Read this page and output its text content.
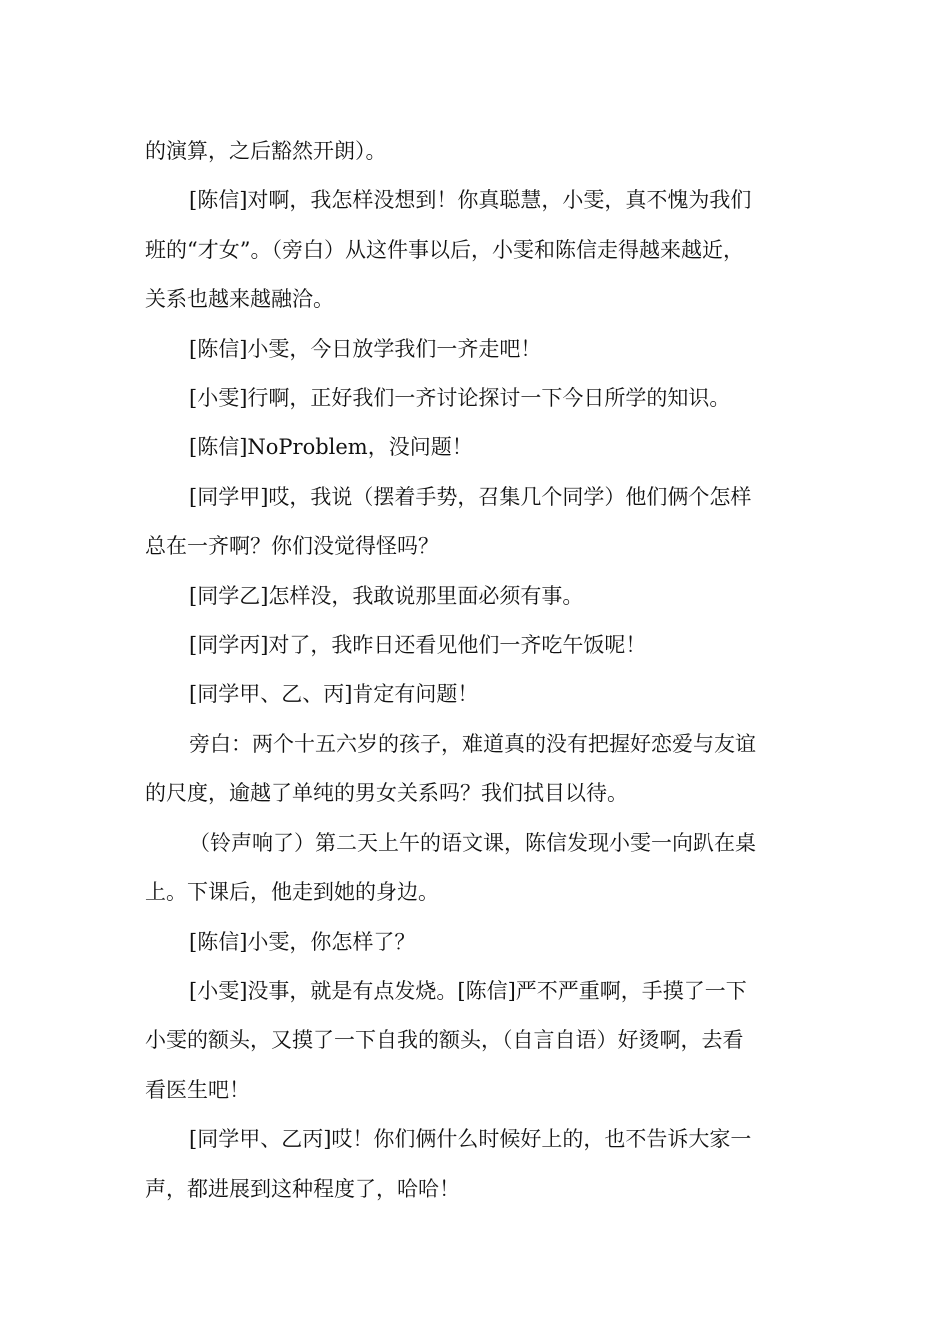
的演算，之后豁然开朗）。
[陈信]对啊，我怎样没想到！你真聪慧，小雯，真不愧为我们
班的“才女”。（旁白）从这件事以后，小雯和陈信走得越来越近，
关系也越来越融洽。
[陈信]小雯，今日放学我们一齐走吧！
[小雯]行啊，正好我们一齐讨论探讨一下今日所学的知识。
[陈信]NoProblem，没问题！
[同学甲]哎，我说（摆着手势，召集几个同学）他们俩个怎样
总在一齐啊？你们没觉得怪吗？
[同学乙]怎样没，我敢说那里面必须有事。
[同学丙]对了，我昨日还看见他们一齐吃午饭呢！
[同学甲、乙、丙]肯定有问题！
旁白：两个十五六岁的孩子，难道真的没有把握好恋爱与友谊
的尺度，逾越了单纯的男女关系吗？我们拭目以待。
（铃声响了）第二天上午的语文课，陈信发现小雯一向趴在桌
上。下课后，他走到她的身边。
[陈信]小雯，你怎样了？
[小雯]没事，就是有点发烧。[陈信]严不严重啊，手摸了一下
小雯的额头，又摸了一下自我的额头，（自言自语）好烫啊，去看
看医生吧！
[同学甲、乙丙]哎！你们俩什么时候好上的，也不告诉大家一
声，都进展到这种程度了，哈哈！
